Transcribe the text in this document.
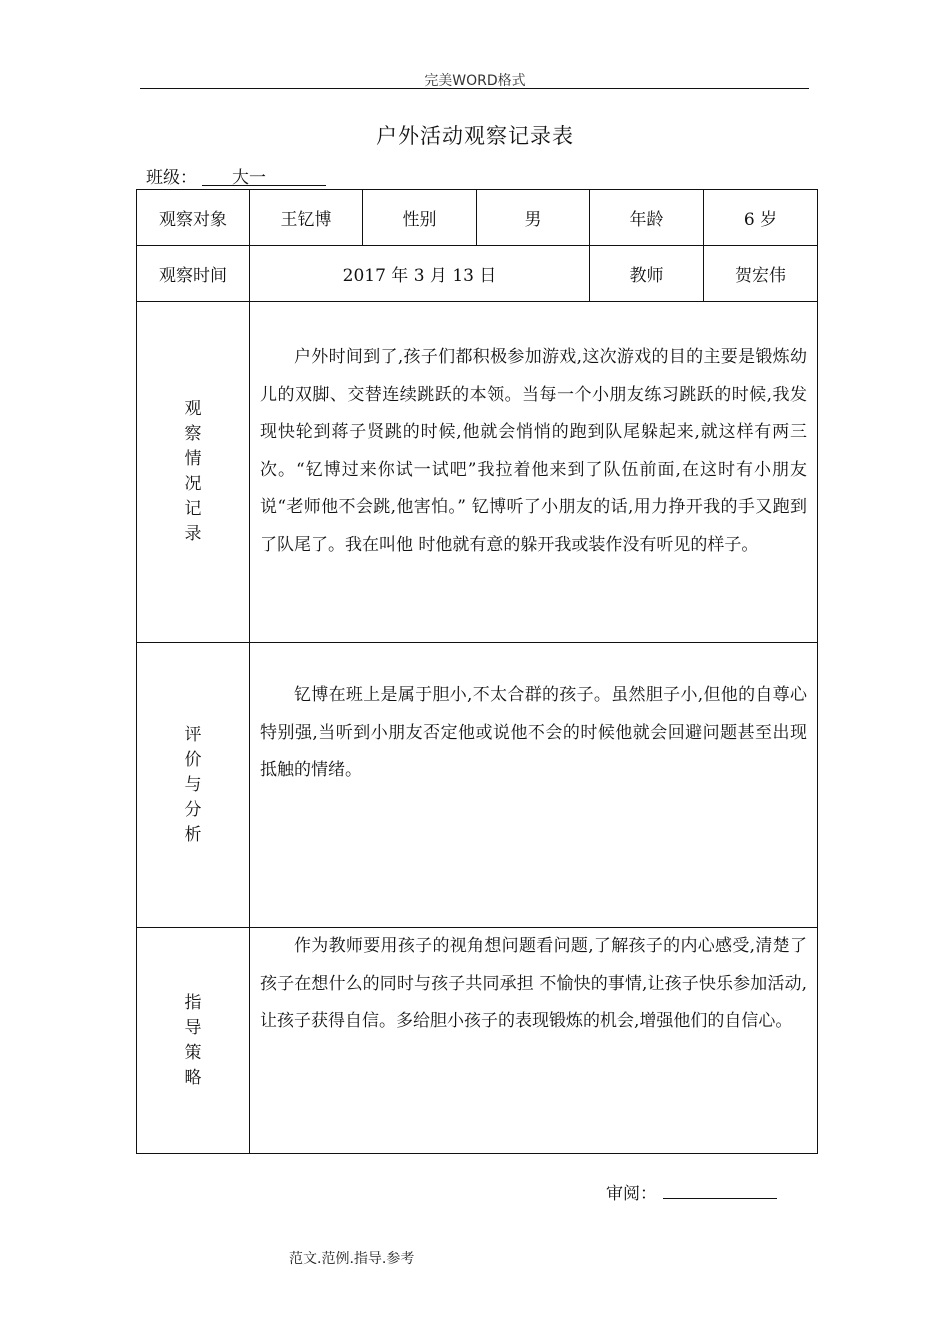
完美WORD格式
户外活动观察记录表
班级：	大一
观察对象	王钇博	性别	男	年龄	6 岁
观察时间	2017 年 3 月 13 日			教师	贺宏伟
观察情况记录	户外时间到了,孩子们都积极参加游戏,这次游戏的目的主要是锻炼幼儿的双脚、交替连续跳跃的本领。当每一个小朋友练习跳跃的时候,我发现快轮到蒋子贤跳的时候,他就会悄悄的跑到队尾躲起来,就这样有两三次。“钇博过来你试一试吧”我拉着他来到了队伍前面,在这时有小朋友说“老师他不会跳,他害怕。” 钇博听了小朋友的话,用力挣开我的手又跑到了队尾了。我在叫他 时他就有意的躲开我或装作没有听见的样子。				

评价与分析	钇博在班上是属于胆小,不太合群的孩子。虽然胆子小,但他的自尊心特别强,当听到小朋友否定他或说他不会的时候他就会回避问题甚至出现抵触的情绪。				

指导策略	作为教师要用孩子的视角想问题看问题,了解孩子的内心感受,清楚了孩子在想什么的同时与孩子共同承担 不愉快的事情,让孩子快乐参加活动,让孩子获得自信。多给胆小孩子的表现锻炼的机会,增强他们的自信心。				

审阅：
范文.范例.指导.参考
